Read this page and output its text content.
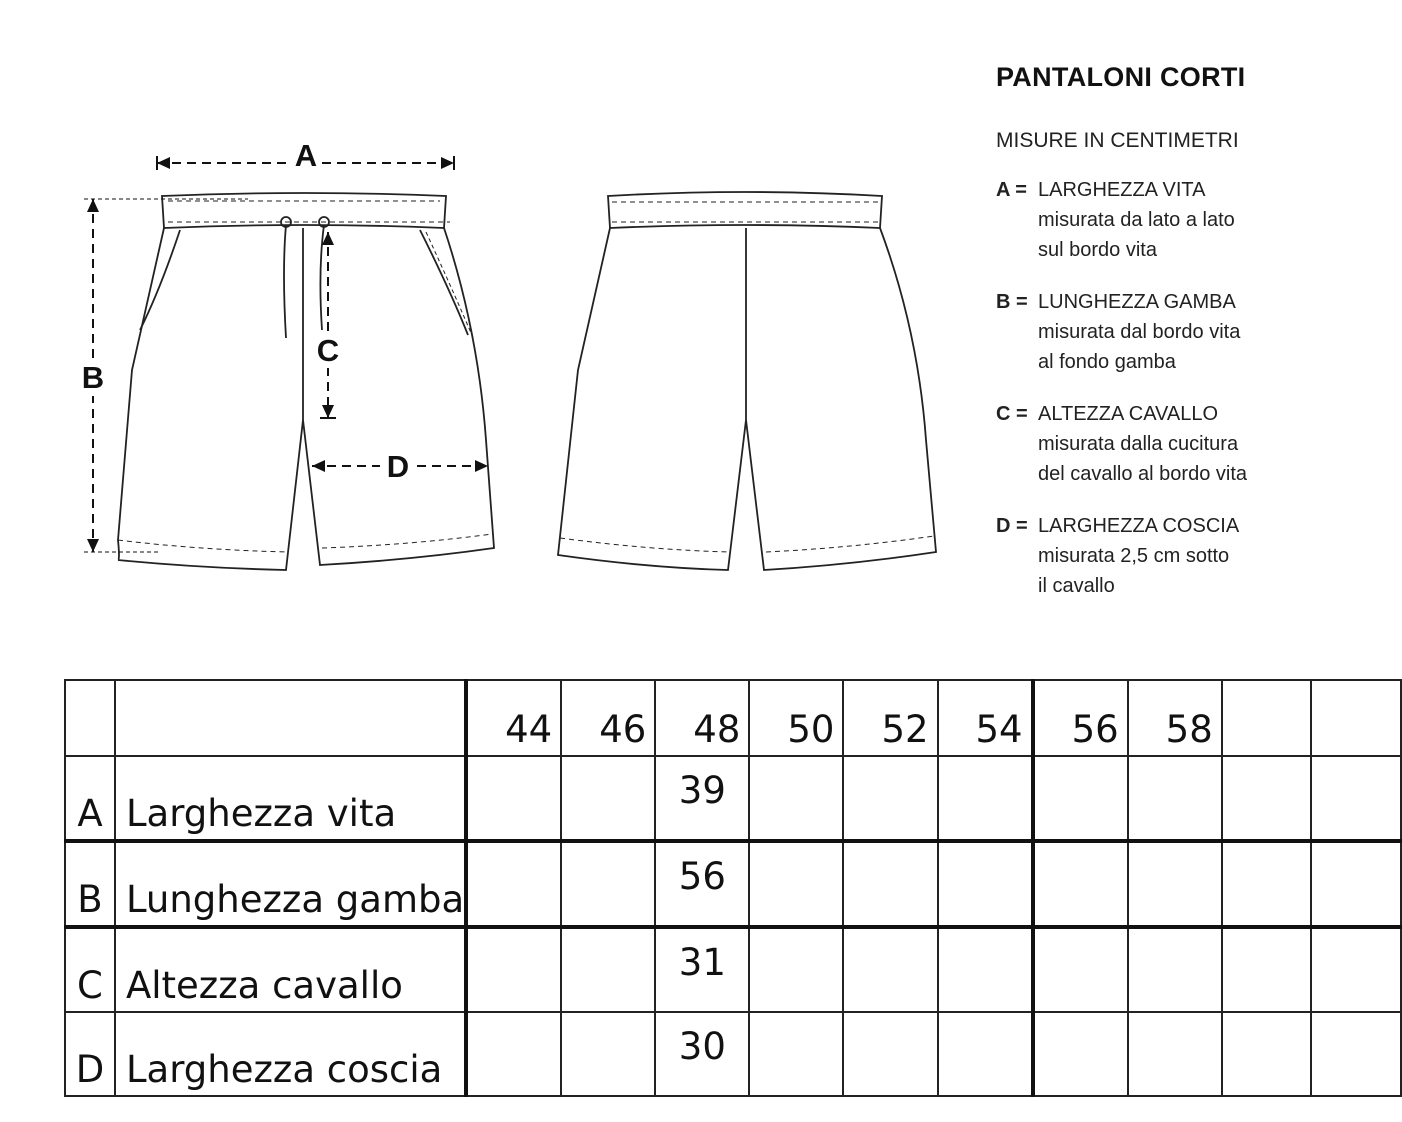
A
B
C
D
PANTALONI CORTI
MISURE IN CENTIMETRI
A = LARGHEZZA VITA
misurata da lato a lato
sul bordo vita
B = LUNGHEZZA GAMBA
misurata dal bordo vita
al fondo gamba
C = ALTEZZA CAVALLO
misurata dalla cucitura
del cavallo al bordo vita
D = LARGHEZZA COSCIA
misurata 2,5 cm sotto
il cavallo
		44	46	48	50	52	54	56	58		
A	Larghezza vita			39							
B	Lunghezza gamba			56							
C	Altezza cavallo			31							
D	Larghezza coscia			30							
